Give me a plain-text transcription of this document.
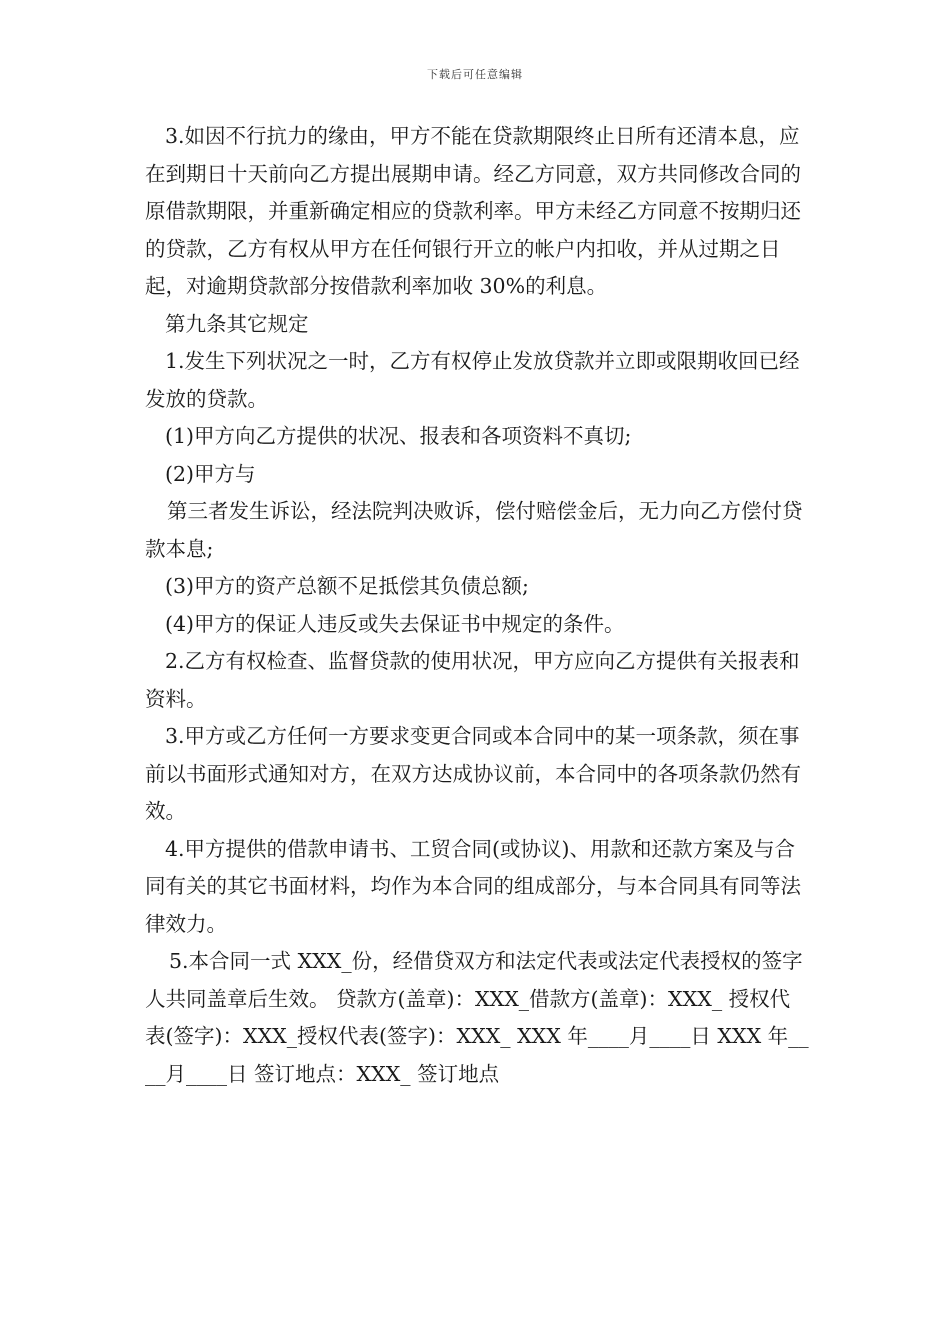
下载后可任意编辑

3.如因不行抗力的缘由，甲方不能在贷款期限终止日所有还清本息，应在到期日十天前向乙方提出展期申请。经乙方同意，双方共同修改合同的原借款期限，并重新确定相应的贷款利率。甲方未经乙方同意不按期归还的贷款，乙方有权从甲方在任何银行开立的帐户内扣收，并从过期之日起，对逾期贷款部分按借款利率加收 30%的利息。

第九条其它规定

1.发生下列状况之一时，乙方有权停止发放贷款并立即或限期收回已经发放的贷款。

(1)甲方向乙方提供的状况、报表和各项资料不真切;

(2)甲方与

第三者发生诉讼，经法院判决败诉，偿付赔偿金后，无力向乙方偿付贷款本息;

(3)甲方的资产总额不足抵偿其负债总额;

(4)甲方的保证人违反或失去保证书中规定的条件。

2.乙方有权检查、监督贷款的使用状况，甲方应向乙方提供有关报表和资料。

3.甲方或乙方任何一方要求变更合同或本合同中的某一项条款，须在事前以书面形式通知对方，在双方达成协议前，本合同中的各项条款仍然有效。

4.甲方提供的借款申请书、工贸合同(或协议)、用款和还款方案及与合同有关的其它书面材料，均作为本合同的组成部分，与本合同具有同等法律效力。

5.本合同一式 XXX_份，经借贷双方和法定代表或法定代表授权的签字人共同盖章后生效。 贷款方(盖章)：XXX_借款方(盖章)：XXX_ 授权代表(签字)：XXX_授权代表(签字)：XXX_ XXX 年____月____日 XXX 年____月____日 签订地点：XXX_ 签订地点
